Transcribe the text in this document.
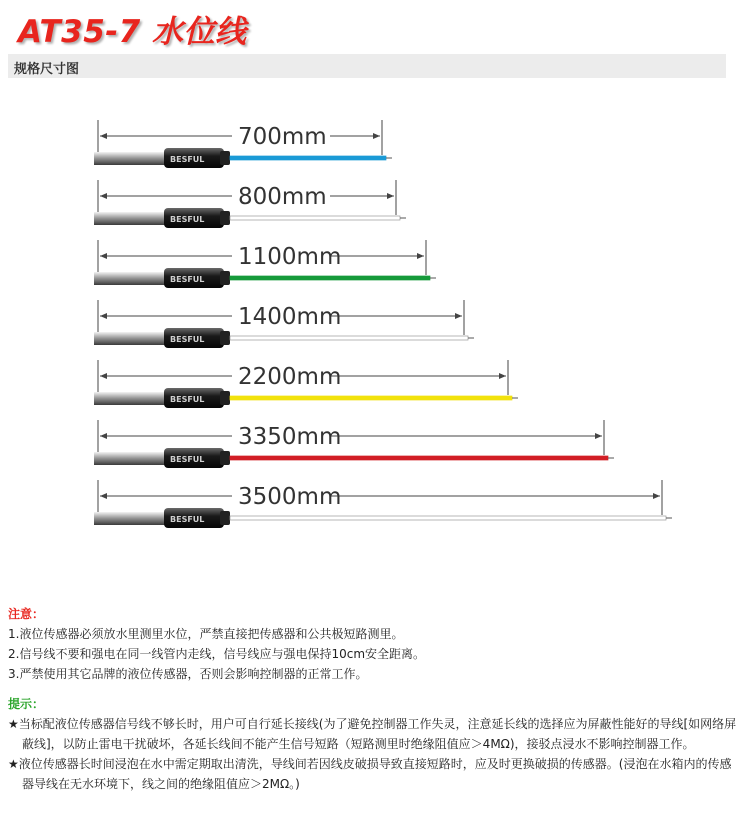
AT35-7 水位线
规格尺寸图
700mm
BESFUL
800mm
BESFUL
1100mm
BESFUL
1400mm
BESFUL
2200mm
BESFUL
3350mm
BESFUL
3500mm
BESFUL
注意：
1.液位传感器必须放水里测里水位，严禁直接把传感器和公共极短路测里。
2.信号线不要和强电在同一线管内走线，信号线应与强电保持10cm安全距离。
3.严禁使用其它品牌的液位传感器，否则会影响控制器的正常工作。
提示：
★当标配液位传感器信号线不够长时，用户可自行延长接线(为了避免控制器工作失灵，注意延长线的选择应为屏蔽性能好的导线[如网络屏蔽线]，以防止雷电干扰破坏，各延长线间不能产生信号短路（短路测里时绝缘阻值应＞4MΩ)，接驳点浸水不影响控制器工作。
★液位传感器长时间浸泡在水中需定期取出清洗，导线间若因线皮破损导致直接短路时，应及时更换破损的传感器。(浸泡在水箱内的传感器导线在无水环境下，线之间的绝缘阻值应＞2MΩ。)
